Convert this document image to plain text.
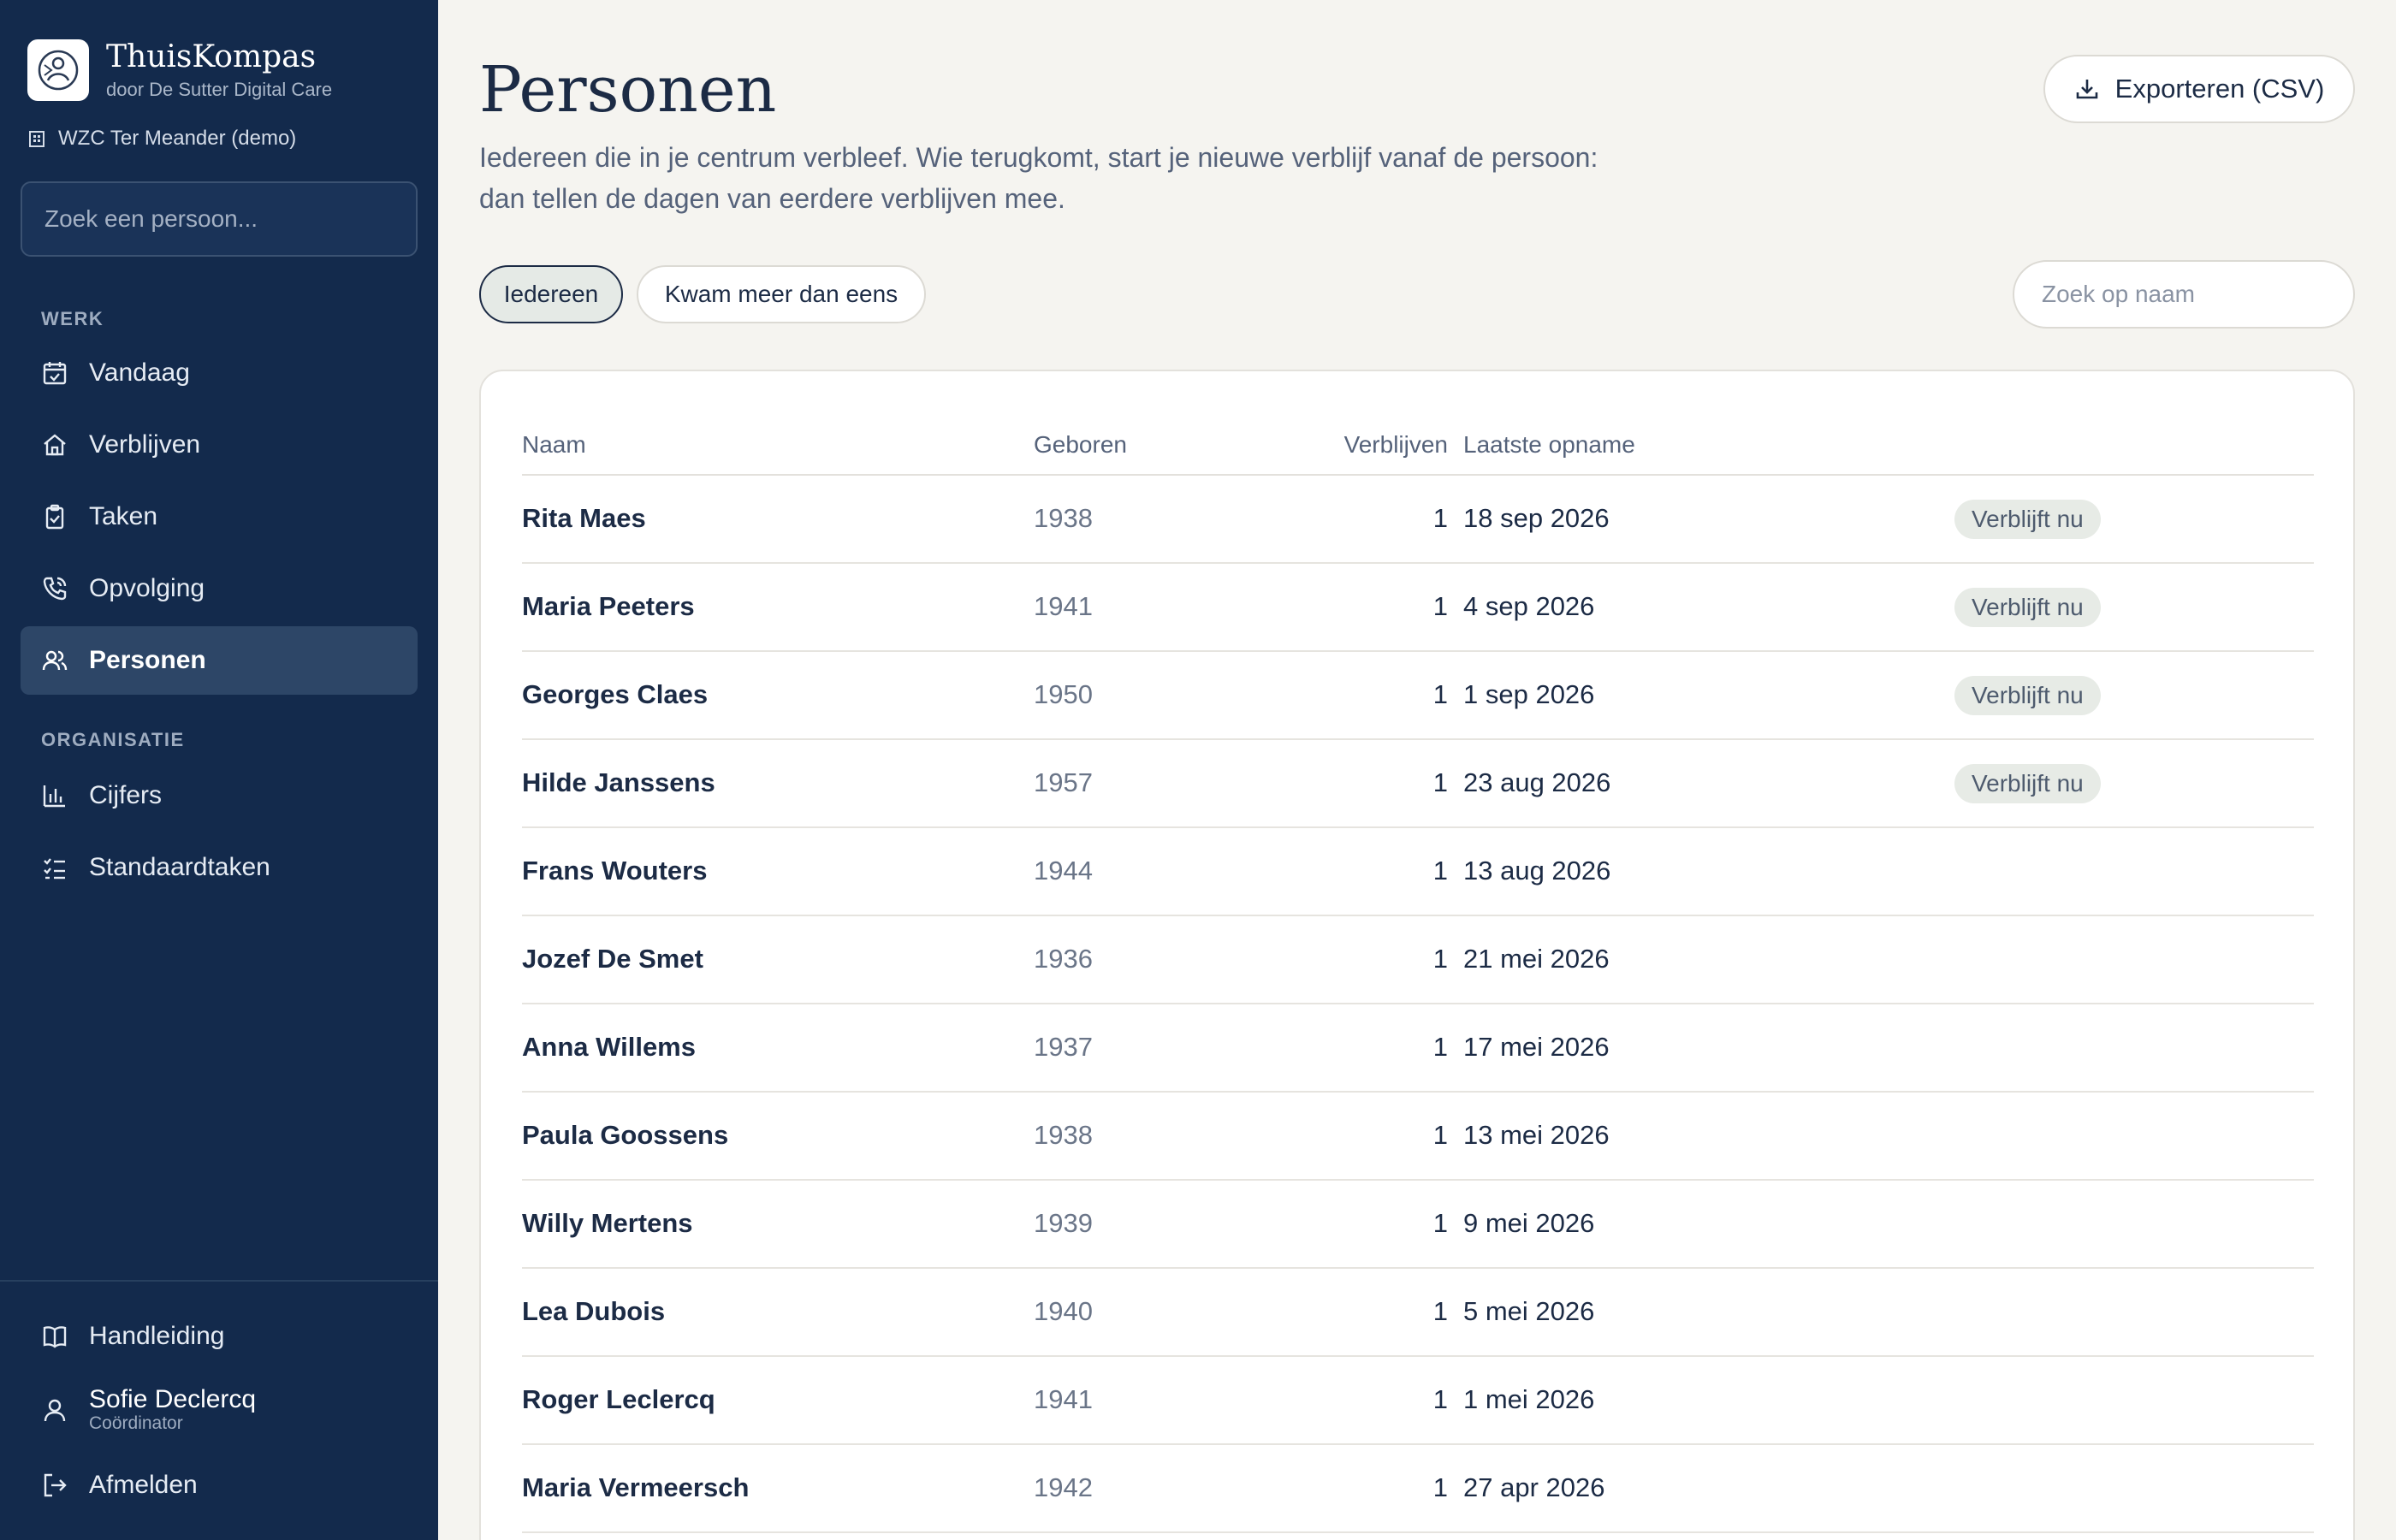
ThuisKompas
door De Sutter Digital Care
WZC Ter Meander (demo)
Zoek een persoon...
WERK
Vandaag
Verblijven
Taken
Opvolging
Personen
ORGANISATIE
Cijfers
Standaardtaken
Handleiding
Sofie Declercq
Coördinator
Afmelden
Personen

Iedereen die in je centrum verbleef. Wie terugkomt, start je nieuwe verblijf vanaf de persoon: dan tellen de dagen van eerdere verblijven mee.

Exporteren (CSV)
Iedereen	Kwam meer dan eens
Zoek op naam
Naam	Geboren	Verblijven Laatste opname
Rita Maes	1938	1 18 sep 2026	Verblijft nu
Maria Peeters	1941	1 4 sep 2026	Verblijft nu
Georges Claes	1950	1 1 sep 2026	Verblijft nu
Hilde Janssens	1957	1 23 aug 2026	Verblijft nu
Frans Wouters	1944	1 13 aug 2026
Jozef De Smet	1936	1 21 mei 2026
Anna Willems	1937	1 17 mei 2026
Paula Goossens	1938	1 13 mei 2026
Willy Mertens	1939	1 9 mei 2026
Lea Dubois	1940	1 5 mei 2026
Roger Leclercq	1941	1 1 mei 2026
Maria Vermeersch	1942	1 27 apr 2026
